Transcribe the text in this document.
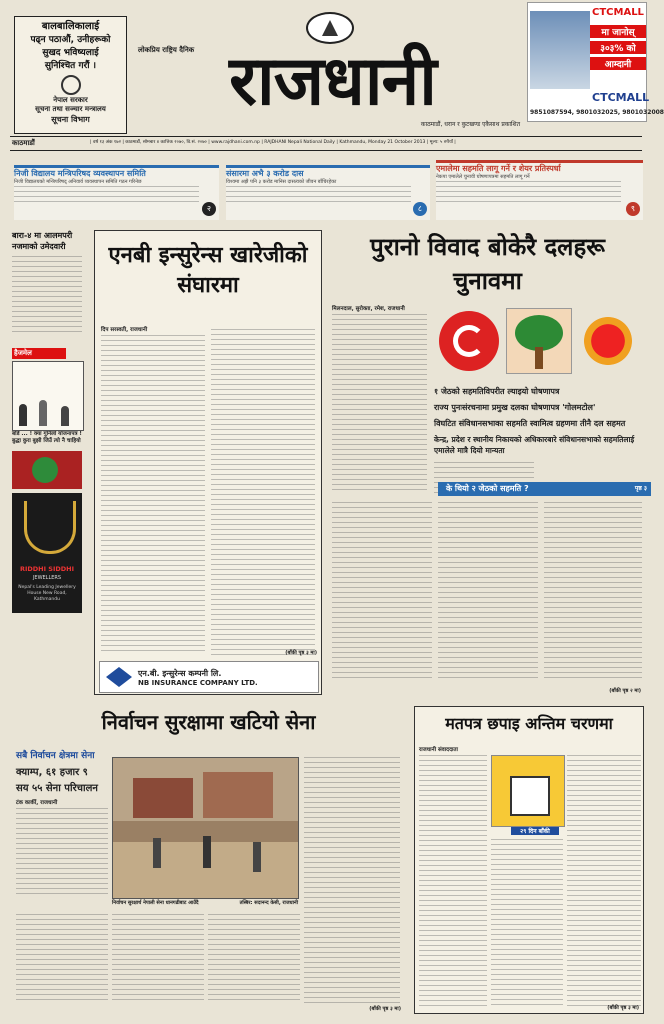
बालबालिकालाई
पढ्न पठाऔं, उनीहरूको
सुखद भविष्यलाई
सुनिश्चित गरौं ।
नेपाल सरकार
सूचना तथा सञ्चार मन्त्रालय
सूचना विभाग
लोकप्रिय राष्ट्रिय दैनिक राजधानी
काठमाडौं, धरान र कुटखण्ड एकैसाथ प्रकाशित
CTCMALL
मा जानोस्
३०३% को
आम्दानी
CTCMALL
9851087594, 9801032025, 9801032008
काठमाडौं	| वर्ष १३ अंक १७२ | काठमाडौं, सोमबार ४ कात्तिक २०७०, वि.सं. २०७० | www.rajdhani.com.np | RAJDHANI Nepali National Daily | Kathmandu, Monday 21 October 2013 | मूल्य: ५ रुपैयाँ |
निजी विद्यालय मन्त्रिपरिषद व्यवस्थापन समिति
निजी विद्यालयको मन्त्रिपरिषद् अनिवार्य व्यवस्थापन समिति गठन गरिनेछ
२
संसारमा अभै ३ करोड दास
विश्वमा अझै पनि ३ करोड मानिस दासत्वको जीवन बाँचिरहेका
८
एमालेमा सहमति लागू गर्ने र शेयर प्रतिस्पर्धा
नेकपा एमालेले चुनावी घोषणापत्रमा सहमति लागू गर्ने
९
बारा-४ मा आलमपरी नजमाको उमेदवारी
हैजमेल
बोर्ड ... ! क्या गुनिलो योजनापत्र ! बुद्धा कुरा बुझी जिउँ त्यो नै चाहियो
RIDDHI SIDDHI
JEWELLERS
Nepal's Leading Jewellery House New Road, Kathmandu
एनबी इन्सुरेन्स खारेजीको संघारमा
दिप सरस्वती, राजधानी
एन.बी. इन्सुरेन्स कम्पनी लि.
NB INSURANCE COMPANY LTD.
(बाँकी पृष्ठ ३ मा)
पुरानो विवाद बोकेरै दलहरू चुनावमा
मिलनदाल, सुरोक्ता, रमेश, राजधानी
१ जेठको सहमतिविपरीत ल्याइयो घोषणापत्र
राज्य पुनःसंरचनामा प्रमुख दलका घोषणापत्र 'गोलमटोल'
विघटित संविधानसभाका सहमति स्वामित्व ग्रहणमा तीनै दल सहमत
केन्द्र, प्रदेश र स्थानीय निकायको अधिकारबारे संविधानसभाको सहमतिलाई एमालेले मात्रै दियो मान्यता
के थियो २ जेठको सहमति ?	पृष्ठ ३
(बाँकी पृष्ठ २ मा)
निर्वाचन सुरक्षामा खटियो सेना
सबै निर्वाचन क्षेत्रमा सेना
क्याम्प, ६१ हजार ९
सय ५५ सेना परिचालन
टंक कार्की, राजधानी
निर्वाचन सुरक्षार्थ नेपाली सेना धानगढीबाट आउँदै	तस्बिर: सदानन्द केसी, राजधानी
(बाँकी पृष्ठ ३ मा)
मतपत्र छपाइ अन्तिम चरणमा
राजधानी संवाददाता
२९ दिन बाँकी
(बाँकी पृष्ठ ३ मा)
